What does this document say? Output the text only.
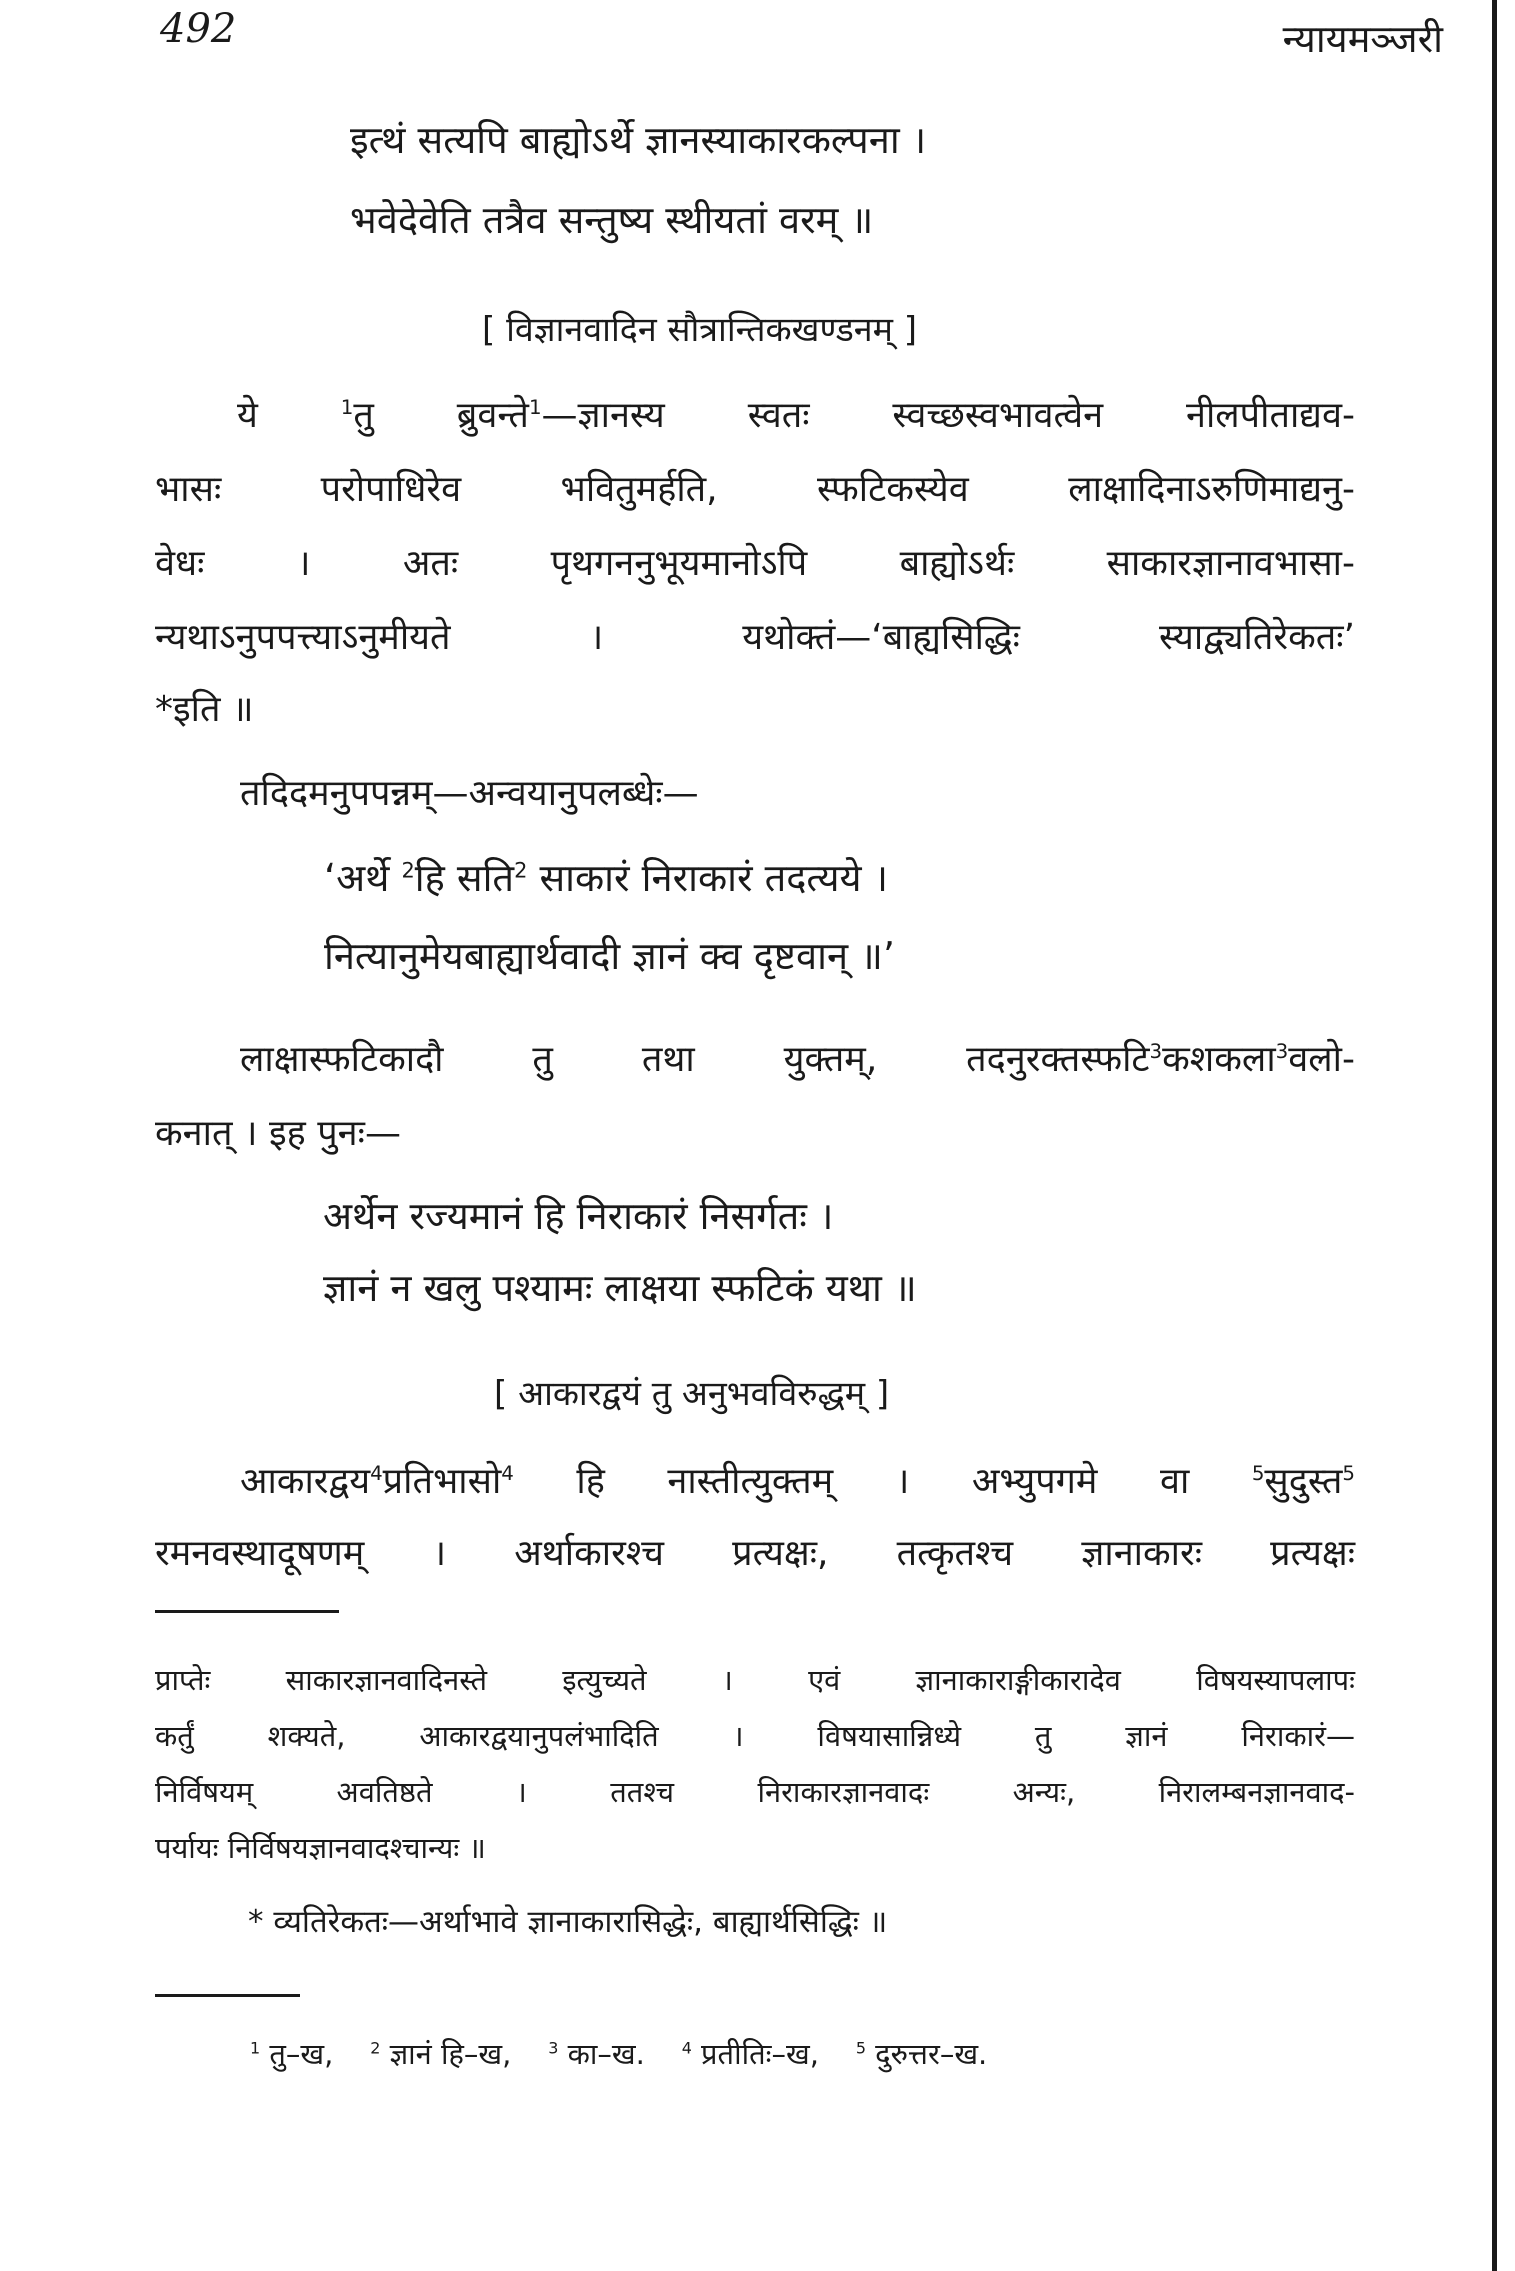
492	न्यायमञ्जरी
इत्थं सत्यपि बाह्योऽर्थे ज्ञानस्याकारकल्पना ।
भवेदेवेति तत्रैव सन्तुष्य स्थीयतां वरम् ॥
[ विज्ञानवादिन सौत्रान्तिकखण्डनम् ]
ये $^1$तु ब्रुवन्ते$^1$—ज्ञानस्य स्वतः स्वच्छस्वभावत्वेन नीलपीताद्यव-
भासः परोपाधिरेव भवितुमर्हति, स्फटिकस्येव लाक्षादिनाऽरुणिमाद्यनु-
वेधः । अतः पृथगननुभूयमानोऽपि बाह्योऽर्थः साकारज्ञानावभासा-
न्यथाऽनुपपत्त्याऽनुमीयते । यथोक्तं—‘बाह्यसिद्धिः स्याद्व्यतिरेकतः’
*इति ॥
तदिदमनुपपन्नम्—अन्वयानुपलब्धेः—
‘अर्थे $^2$हि सति$^2$ साकारं निराकारं तदत्यये ।
नित्यानुमेयबाह्यार्थवादी ज्ञानं क्व दृष्टवान् ॥’
लाक्षास्फटिकादौ तु तथा युक्तम्, तदनुरक्तस्फटि$^3$कशकला$^3$वलो-
कनात् । इह पुनः—
अर्थेन रज्यमानं हि निराकारं निसर्गतः ।
ज्ञानं न खलु पश्यामः लाक्षया स्फटिकं यथा ॥
[ आकारद्वयं तु अनुभवविरुद्धम् ]
आकारद्वय$^4$प्रतिभासो$^4$ हि नास्तीत्युक्तम् । अभ्युपगमे वा $^5$सुदुस्त$^5$
रमनवस्थादूषणम् । अर्थाकारश्च प्रत्यक्षः, तत्कृतश्च ज्ञानाकारः प्रत्यक्षः
प्राप्तेः साकारज्ञानवादिनस्ते इत्युच्यते । एवं ज्ञानाकाराङ्गीकारादेव विषयस्यापलापः
कर्तुं शक्यते, आकारद्वयानुपलंभादिति । विषयासान्निध्ये तु ज्ञानं निराकारं—
निर्विषयम् अवतिष्ठते । ततश्च निराकारज्ञानवादः अन्यः, निरालम्बनज्ञानवाद-
पर्यायः निर्विषयज्ञानवादश्चान्यः ॥
* व्यतिरेकतः—अर्थाभावे ज्ञानाकारासिद्धेः, बाह्यार्थसिद्धिः ॥
$^1$ तु–ख, $^2$ ज्ञानं हि–ख, $^3$ का–ख. $^4$ प्रतीतिः–ख, $^5$ दुरुत्तर–ख.
